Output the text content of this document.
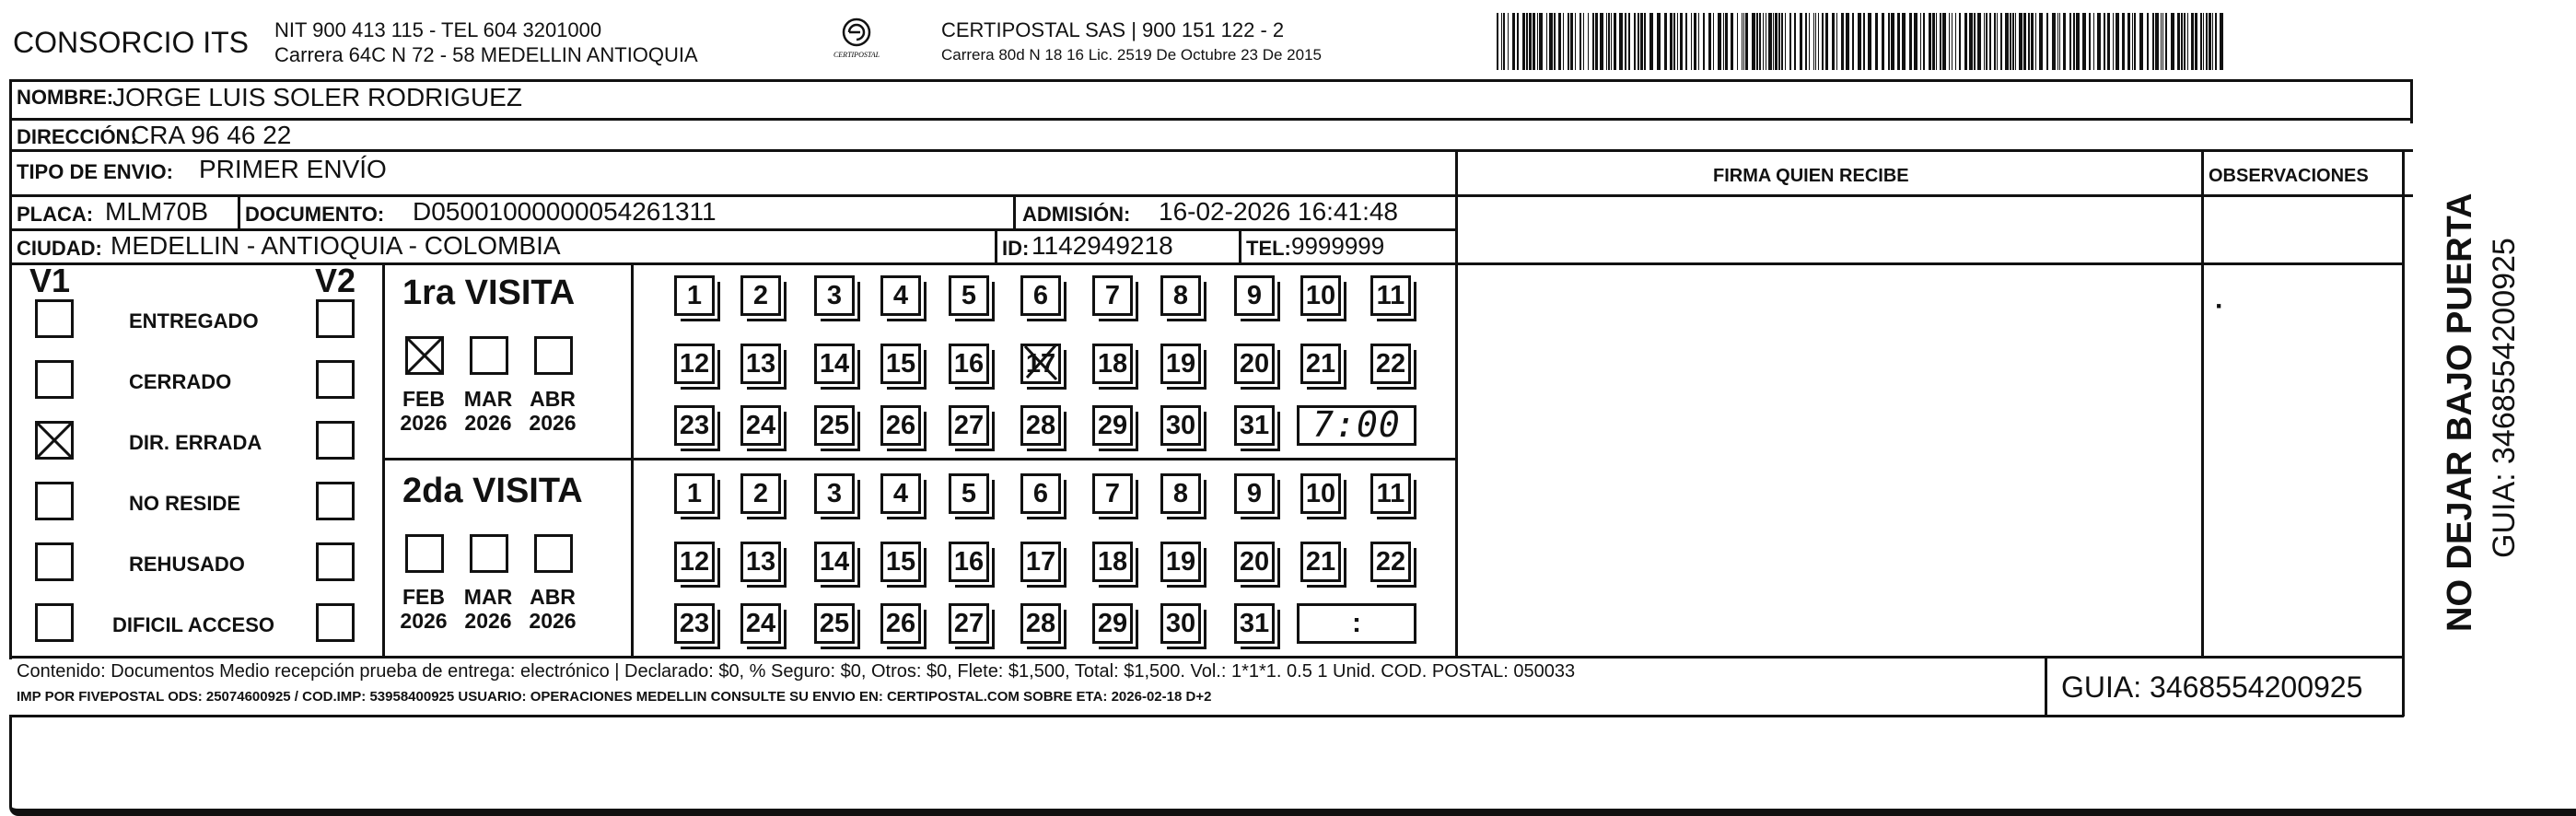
CONSORCIO ITS NIT 900 413 115 - TEL 604 3201000
Carrera 64C N 72 - 58 MEDELLIN ANTIOQUIA	CERTIPOSTAL
CERTIPOSTAL SAS | 900 151 122 - 2
Carrera 80d N 18 16 Lic. 2519 De Octubre 23 De 2015
NOMBRE:
JORGE LUIS SOLER RODRIGUEZ
DIRECCIÓN:
CRA 96 46 22
TIPO DE ENVIO: PRIMER ENVÍO	FIRMA QUIEN RECIBE	OBSERVACIONES
PLACA: MLM70B DOCUMENTO: D05001000000054261311	ADMISIÓN: 16-02-2026 16:41:48
CIUDAD: MEDELLIN - ANTIOQUIA - COLOMBIA	ID: 1142949218	TEL: 9999999
·
V1	V2
ENTREGADO
CERRADO
DIR. ERRADA
NO RESIDE
REHUSADO
DIFICIL ACCESO
1ra VISITA
FEB
2026
MAR
2026
ABR
2026
1	2	3	4	5	6	7	8	9	10 11
12 13 14 15 16 17 18 19 20 21 22
23 24 25 26 27 28 29 30 31	7:00
2da VISITA
FEB
2026
MAR
2026
ABR
2026
1	2	3	4	5	6	7	8	9	10 11
12 13 14 15 16 17 18 19 20 21 22
23 24 25 26 27 28 29 30 31	:
Contenido: Documentos Medio recepción prueba de entrega: electrónico | Declarado: $0, % Seguro: $0, Otros: $0, Flete: $1,500, Total: $1,500. Vol.: 1*1*1. 0.5 1 Unid. COD. POSTAL: 050033
IMP POR FIVEPOSTAL ODS: 25074600925 / COD.IMP: 53958400925 USUARIO: OPERACIONES MEDELLIN CONSULTE SU ENVIO EN: CERTIPOSTAL.COM SOBRE ETA: 2026-02-18 D+2	GUIA: 3468554200925
NO DEJAR BAJO PUERTA GUIA: 3468554200925
